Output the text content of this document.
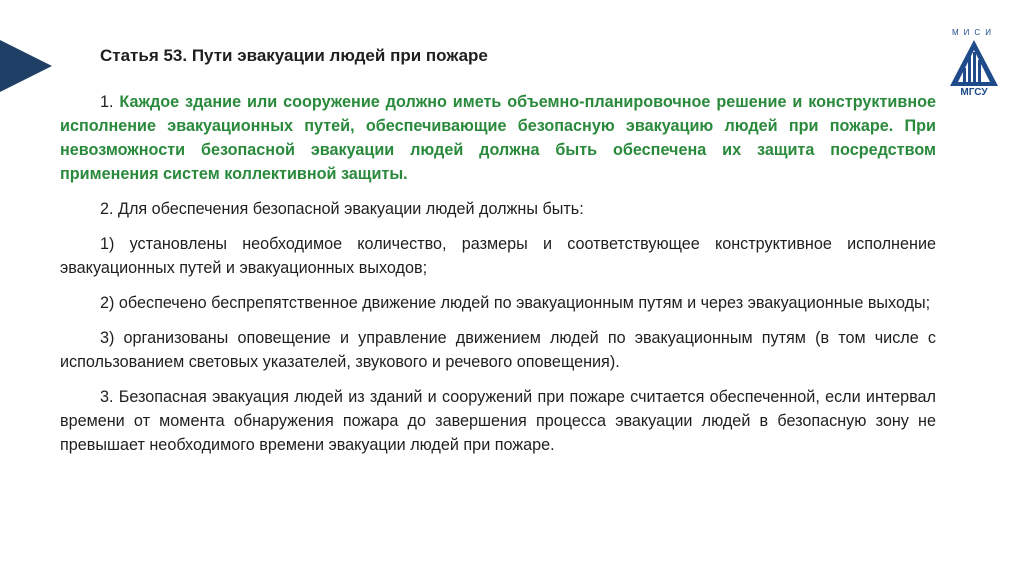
МИСИ
МГСУ
Статья 53. Пути эвакуации людей при пожаре

1. Каждое здание или сооружение должно иметь объемно-планировочное решение и конструктивное исполнение эвакуационных путей, обеспечивающие безопасную эвакуацию людей при пожаре. При невозможности безопасной эвакуации людей должна быть обеспечена их защита посредством применения систем коллективной защиты.

2. Для обеспечения безопасной эвакуации людей должны быть:

1) установлены необходимое количество, размеры и соответствующее конструктивное исполнение эвакуационных путей и эвакуационных выходов;

2) обеспечено беспрепятственное движение людей по эвакуационным путям и через эвакуационные выходы;

3) организованы оповещение и управление движением людей по эвакуационным путям (в том числе с использованием световых указателей, звукового и речевого оповещения).

3. Безопасная эвакуация людей из зданий и сооружений при пожаре считается обеспеченной, если интервал времени от момента обнаружения пожара до завершения процесса эвакуации людей в безопасную зону не превышает необходимого времени эвакуации людей при пожаре.
